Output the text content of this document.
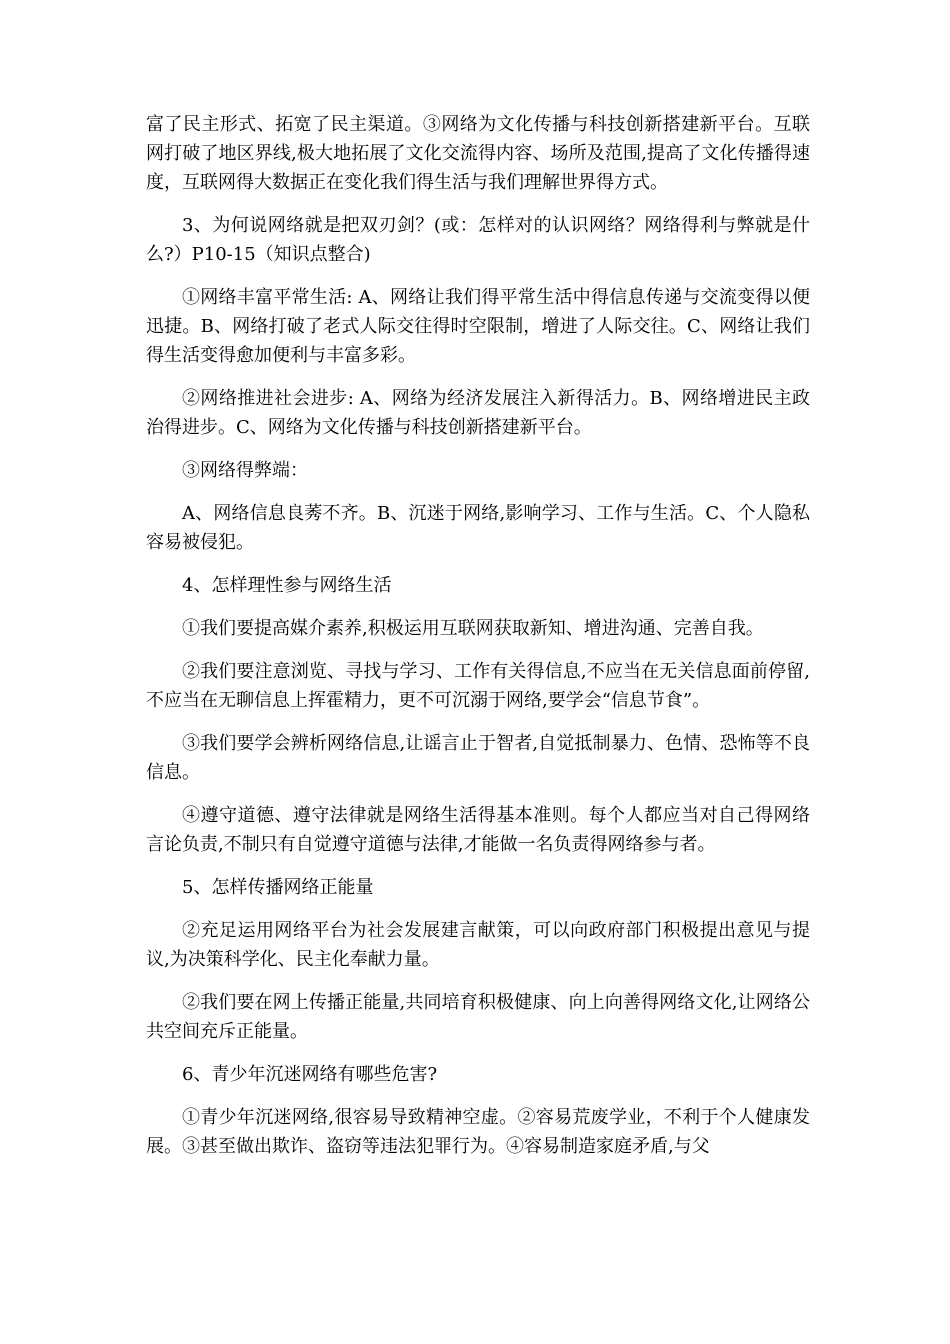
富了民主形式、拓宽了民主渠道。③网络为文化传播与科技创新搭建新平台。互联网打破了地区界线,极大地拓展了文化交流得内容、场所及范围,提高了文化传播得速度，互联网得大数据正在变化我们得生活与我们理解世界得方式。

3、为何说网络就是把双刃剑？(或：怎样对的认识网络？网络得利与弊就是什么?）P10-15（知识点整合)

①网络丰富平常生活: A、网络让我们得平常生活中得信息传递与交流变得以便迅捷。B、网络打破了老式人际交往得时空限制，增进了人际交往。C、网络让我们得生活变得愈加便利与丰富多彩。

②网络推进社会进步: A、网络为经济发展注入新得活力。B、网络增进民主政治得进步。C、网络为文化传播与科技创新搭建新平台。

③网络得弊端：

A、网络信息良莠不齐。B、沉迷于网络,影响学习、工作与生活。C、个人隐私容易被侵犯。

4、怎样理性参与网络生活

①我们要提高媒介素养,积极运用互联网获取新知、增进沟通、完善自我。

②我们要注意浏览、寻找与学习、工作有关得信息,不应当在无关信息面前停留,不应当在无聊信息上挥霍精力，更不可沉溺于网络,要学会“信息节食”。

③我们要学会辨析网络信息,让谣言止于智者,自觉抵制暴力、色情、恐怖等不良信息。

④遵守道德、遵守法律就是网络生活得基本准则。每个人都应当对自己得网络言论负责,不制只有自觉遵守道德与法律,才能做一名负责得网络参与者。

5、怎样传播网络正能量

②充足运用网络平台为社会发展建言献策，可以向政府部门积极提出意见与提议,为决策科学化、民主化奉献力量。

②我们要在网上传播正能量,共同培育积极健康、向上向善得网络文化,让网络公共空间充斥正能量。

6、青少年沉迷网络有哪些危害?

①青少年沉迷网络,很容易导致精神空虚。②容易荒废学业，不利于个人健康发展。③甚至做出欺诈、盗窃等违法犯罪行为。④容易制造家庭矛盾,与父
